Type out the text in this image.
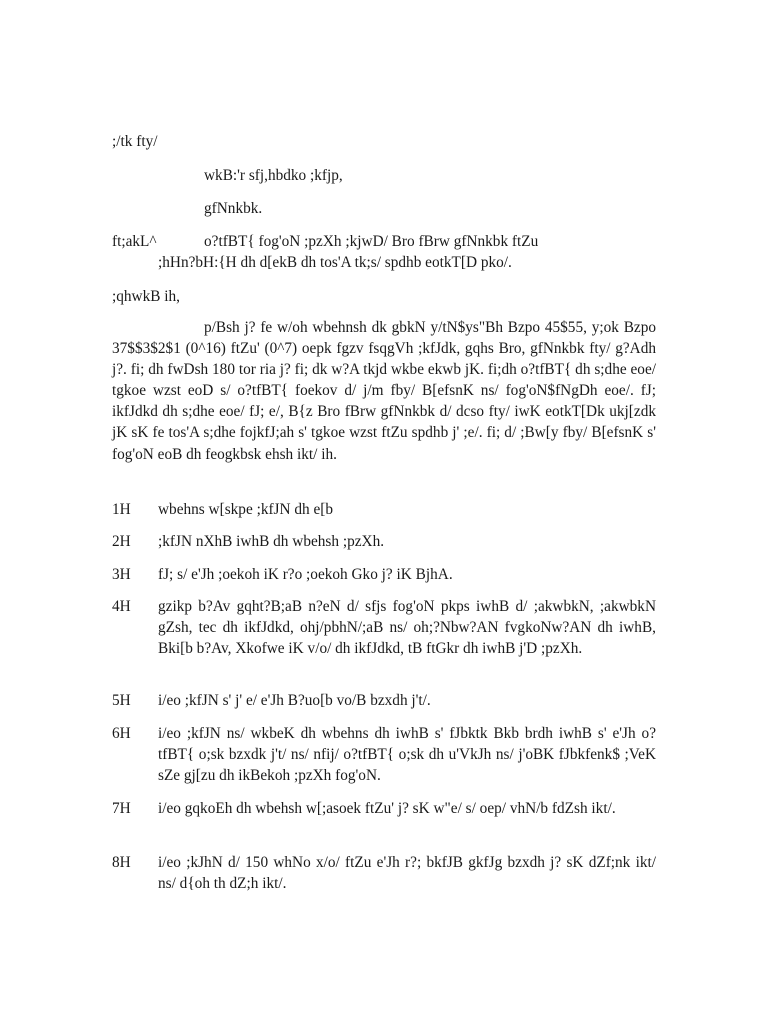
;/tk fty/
wkB:'r sfj,hbdko ;kfjp,
gfNnkbk.
ft;akL^	o?tfBT{ fog'oN ;pzXh ;kjwD/ Bro fBrw gfNnkbk ftZu
;hHn?bH:{H dh d[ekB dh tos'A tk;s/ spdhb eotkT[D pko/.
;qhwkB ih,
p/Bsh j? fe w/oh wbehnsh dk gbkN y/tN$ys"Bh Bzpo 45$55, y;ok Bzpo 37$$3$2$1 (0^16) ftZu' (0^7) oepk fgzv fsqgVh ;kfJdk, gqhs Bro, gfNnkbk fty/ g?Adh j?. fi; dh fwDsh 180 tor ria j? fi; dk w?A tkjd wkbe ekwb jK. fi;dh o?tfBT{ dh s;dhe eoe/ tgkoe wzst eoD s/ o?tfBT{ foekov d/ j/m fby/ B[efsnK ns/ fog'oN$fNgDh eoe/. fJ; ikfJdkd dh s;dhe eoe/ fJ; e/, B{z Bro fBrw gfNnkbk d/ dcso fty/ iwK eotkT[Dk ukj[zdk jK sK fe tos'A s;dhe fojkfJ;ah s' tgkoe wzst ftZu spdhb j' ;e/. fi; d/ ;Bw[y fby/ B[efsnK s' fog'oN eoB dh feogkbsk ehsh ikt/ ih.
1H wbehns w[skpe ;kfJN dh e[b
2H ;kfJN nXhB iwhB dh wbehsh ;pzXh.
3H fJ; s/ e'Jh ;oekoh iK r?o ;oekoh Gko j? iK BjhA.
4H gzikp b?Av gqht?B;aB n?eN d/ sfjs fog'oN pkps iwhB d/ ;akwbkN, ;akwbkN gZsh, tec dh ikfJdkd, ohj/pbhN/;aB ns/ oh;?Nbw?AN fvgkoNw?AN dh iwhB, Bki[b b?Av, Xkofwe iK v/o/ dh ikfJdkd, tB ftGkr dh iwhB j'D ;pzXh.
5H i/eo ;kfJN s' j' e/ e'Jh B?uo[b vo/B bzxdh j't/.
6H i/eo ;kfJN ns/ wkbeK dh wbehns dh iwhB s' fJbktk Bkb brdh iwhB s' e'Jh o?tfBT{ o;sk bzxdk j't/ ns/ nfij/ o?tfBT{ o;sk dh u'VkJh ns/ j'oBK fJbkfenk$ ;VeK sZe gj[zu dh ikBekoh ;pzXh fog'oN.
7H i/eo gqkoEh dh wbehsh w[;asoek ftZu' j? sK w"e/ s/ oep/ vhN/b fdZsh ikt/.
8H i/eo ;kJhN d/ 150 whNo x/o/ ftZu e'Jh r?; bkfJB gkfJg bzxdh j? sK dZf;nk ikt/ ns/ d{oh th dZ;h ikt/.
